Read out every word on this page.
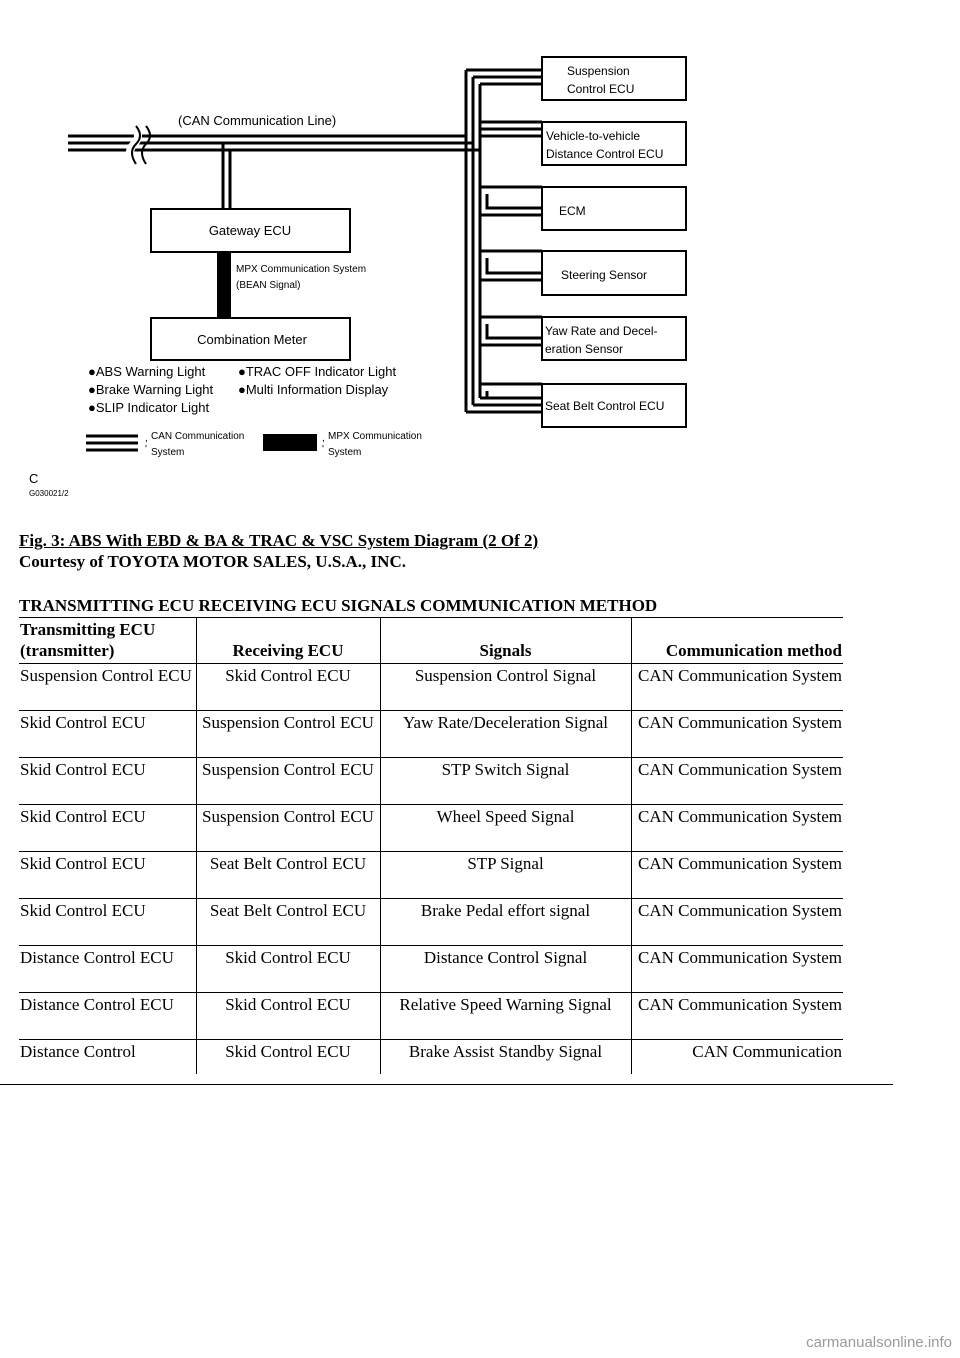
Gateway ECU
MPX Communication System
(BEAN Signal)
Combination Meter
(CAN Communication Line)
Suspension
Control ECU
Vehicle-to-vehicle
Distance Control ECU
ECM
Steering Sensor
Yaw Rate and Decel-
eration Sensor
Seat Belt Control ECU
●ABS Warning Light
●Brake Warning Light
●SLIP Indicator Light
●TRAC OFF Indicator Light
●Multi Information Display
, CAN Communication
' System
, MPX Communication
' System
C
G030021/2
Fig. 3: ABS With EBD & BA & TRAC & VSC System Diagram (2 Of 2)
Courtesy of TOYOTA MOTOR SALES, U.S.A., INC.
TRANSMITTING ECU RECEIVING ECU SIGNALS COMMUNICATION METHOD
Transmitting ECU (transmitter)	Receiving ECU	Signals	Communication method
Suspension Control ECU	Skid Control ECU	Suspension Control Signal	CAN Communication System
Skid Control ECU	Suspension Control ECU	Yaw Rate/Deceleration Signal	CAN Communication System
Skid Control ECU	Suspension Control ECU	STP Switch Signal	CAN Communication System
Skid Control ECU	Suspension Control ECU	Wheel Speed Signal	CAN Communication System
Skid Control ECU	Seat Belt Control ECU	STP Signal	CAN Communication System
Skid Control ECU	Seat Belt Control ECU	Brake Pedal effort signal	CAN Communication System
Distance Control ECU	Skid Control ECU	Distance Control Signal	CAN Communication System
Distance Control ECU	Skid Control ECU	Relative Speed Warning Signal	CAN Communication System
Distance Control	Skid Control ECU	Brake Assist Standby Signal	CAN Communication
carmanualsonline.info
